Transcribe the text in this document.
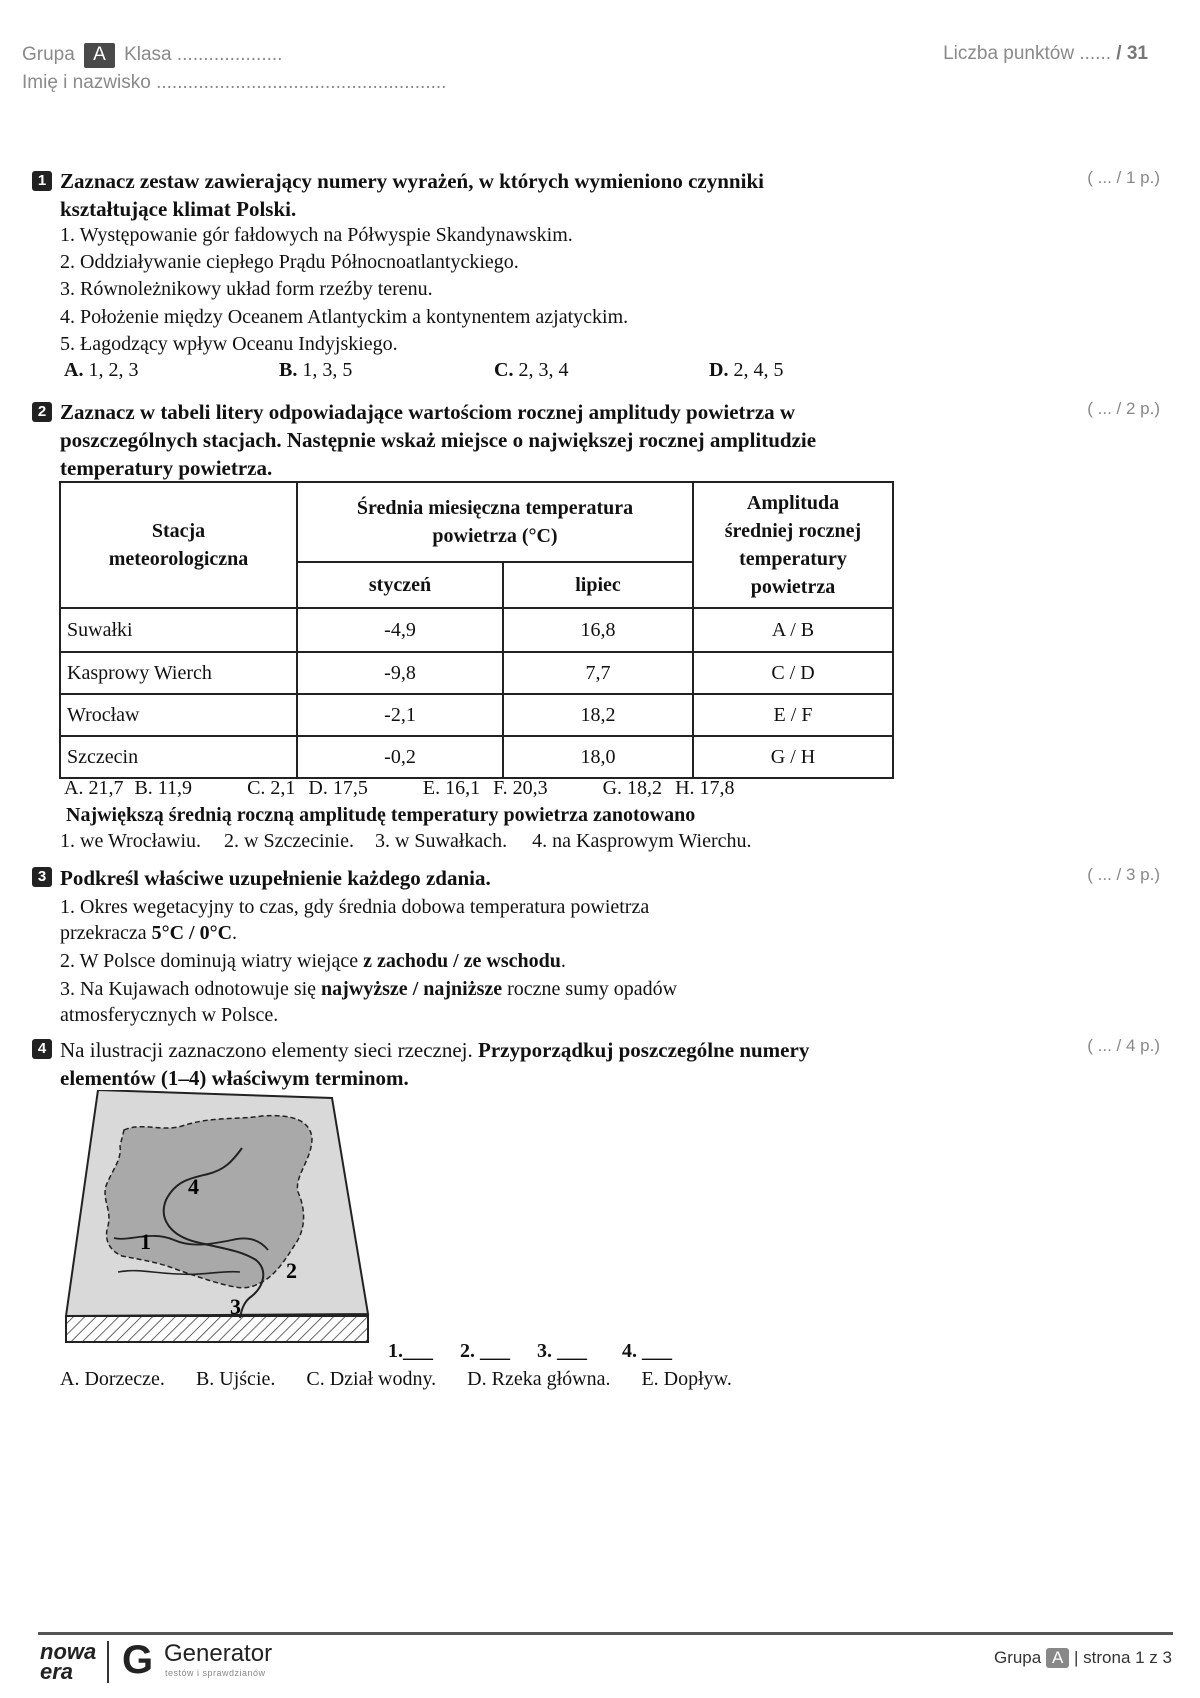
Grupa A Klasa ....................
Imię i nazwisko .......................................................
Liczba punktów ...... / 31
1	( ... / 1 p.)
Zaznacz zestaw zawierający numery wyrażeń, w których wymieniono czynniki
kształtujące klimat Polski.
1. Występowanie gór fałdowych na Półwyspie Skandynawskim.
2. Oddziaływanie ciepłego Prądu Północnoatlantyckiego.
3. Równoleżnikowy układ form rzeźby terenu.
4. Położenie między Oceanem Atlantyckim a kontynentem azjatyckim.
5. Łagodzący wpływ Oceanu Indyjskiego.
A. 1, 2, 3	B. 1, 3, 5	C. 2, 3, 4	D. 2, 4, 5
2	( ... / 2 p.)
Zaznacz w tabeli litery odpowiadające wartościom rocznej amplitudy powietrza w
poszczególnych stacjach. Następnie wskaż miejsce o największej rocznej amplitudzie
temperatury powietrza.
Stacja
meteorologiczna	Średnia miesięczna temperatura
powietrza (°C)		Amplituda
średniej rocznej
temperatury
powietrza
	styczeń	lipiec	
Suwałki	-4,9	16,8	A / B
Kasprowy Wierch	-9,8	7,7	C / D
Wrocław	-2,1	18,2	E / F
Szczecin	-0,2	18,0	G / H
A. 21,7 B. 11,9	C. 2,1 D. 17,5	E. 16,1 F. 20,3	G. 18,2 H. 17,8
Największą średnią roczną amplitudę temperatury powietrza zanotowano
1. we Wrocławiu. 2. w Szczecinie. 3. w Suwałkach. 4. na Kasprowym Wierchu.
3	( ... / 3 p.)
Podkreśl właściwe uzupełnienie każdego zdania.
1. Okres wegetacyjny to czas, gdy średnia dobowa temperatura powietrza
przekracza 5°C / 0°C.
2. W Polsce dominują wiatry wiejące z zachodu / ze wschodu.
3. Na Kujawach odnotowuje się najwyższe / najniższe roczne sumy opadów
atmosferycznych w Polsce.
4	( ... / 4 p.)
Na ilustracji zaznaczono elementy sieci rzecznej. Przyporządkuj poszczególne numery
elementów (1–4) właściwym terminom.
4
1
2
3
1.___ 2. ___ 3. ___ 4. ___
A. Dorzecze. B. Ujście. C. Dział wodny. D. Rzeka główna. E. Dopływ.
nowa
era	G Generator
testów i sprawdzianów
Grupa A | strona 1 z 3
